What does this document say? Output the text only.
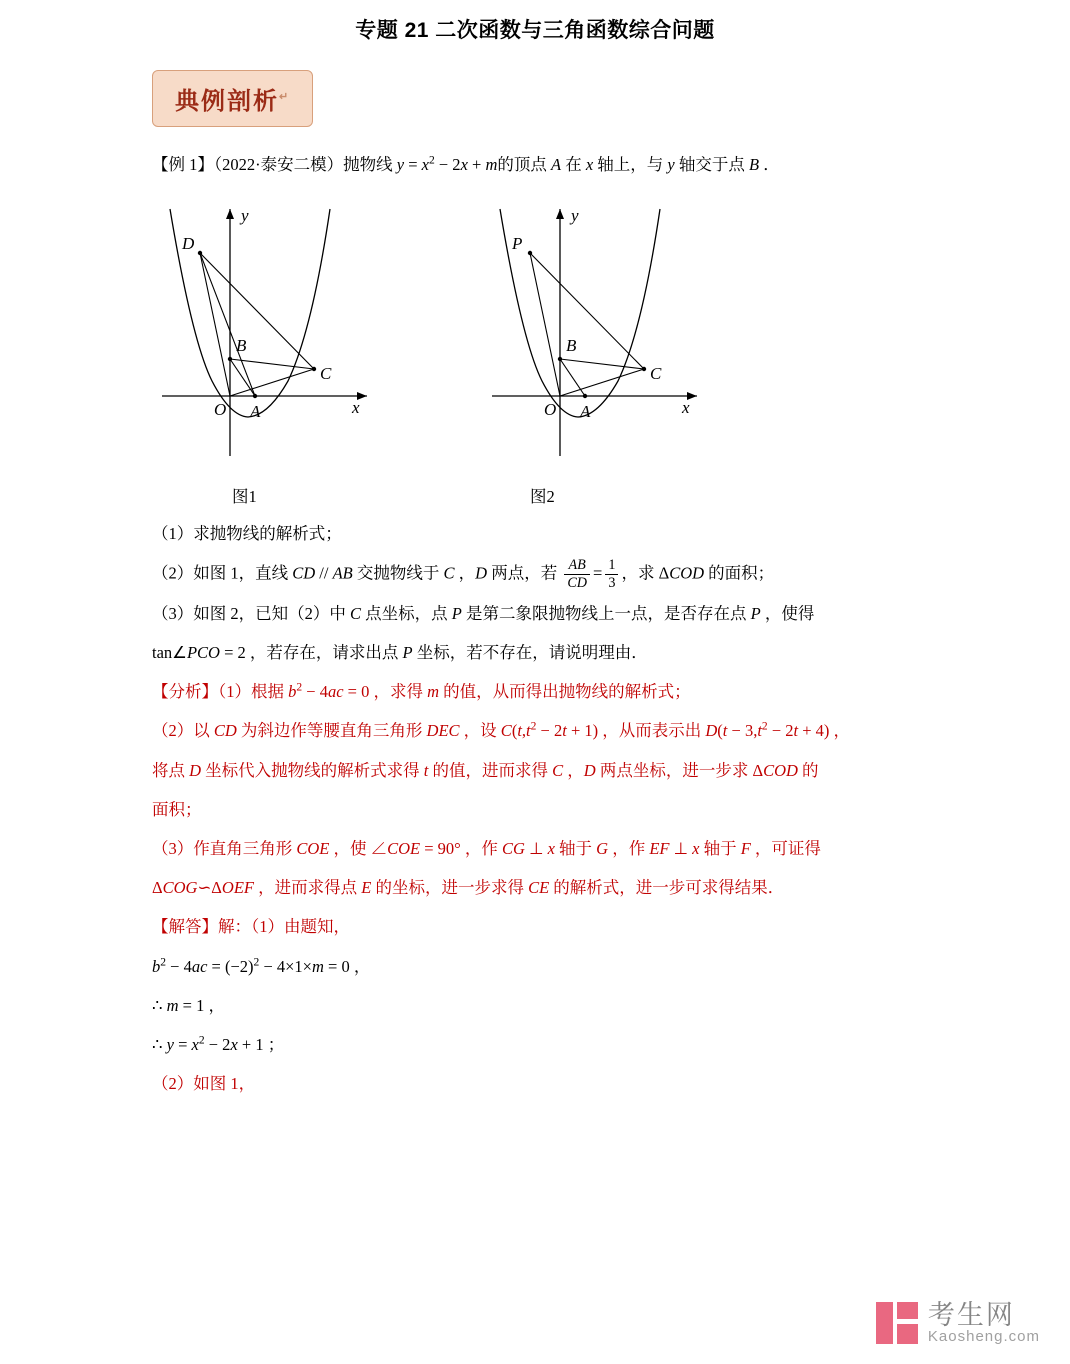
专题 21 二次函数与三角函数综合问题
典例剖析↵
【例 1】（2022·泰安二模）抛物线 $y = x^2 - 2x + m$的顶点 A 在 x 轴上，与 y 轴交于点 B ．
y
x
O A
B
C
D
y
x
O A
B
C
P
图1	图2
（1）求抛物线的解析式；
（2）如图 1，直线 CD // AB 交抛物线于 C ，D 两点，若 $\frac{AB}{CD} = \frac{1}{3}$ ，求 ΔCOD 的面积；
（3）如图 2，已知（2）中 C 点坐标，点 P 是第二象限抛物线上一点，是否存在点 P ，使得
tan∠PCO = 2 ，若存在，请求出点 P 坐标，若不存在，请说明理由．
【分析】（1）根据 $b^2 - 4ac = 0$ ，求得 m 的值，从而得出抛物线的解析式；
（2）以 CD 为斜边作等腰直角三角形 DEC ，设 $C(t,t^2 - 2t + 1)$ ，从而表示出 $D(t - 3,t^2 - 2t + 4)$ ，
将点 D 坐标代入抛物线的解析式求得 t 的值，进而求得 C ，D 两点坐标，进一步求 ΔCOD 的
面积；
（3）作直角三角形 COE ，使 ∠COE = 90° ，作 CG ⊥ x 轴于 G ，作 EF ⊥ x 轴于 F ，可证得
ΔCOG∽ΔOEF ，进而求得点 E 的坐标，进一步求得 CE 的解析式，进一步可求得结果．
【解答】解：（1）由题知，
$b^2 - 4ac = (-2)^2 - 4\times 1\times m = 0$ ，
∴ m = 1 ，
∴ $y = x^2 - 2x + 1$ ；
（2）如图 1，
考生网
Kaosheng.com
